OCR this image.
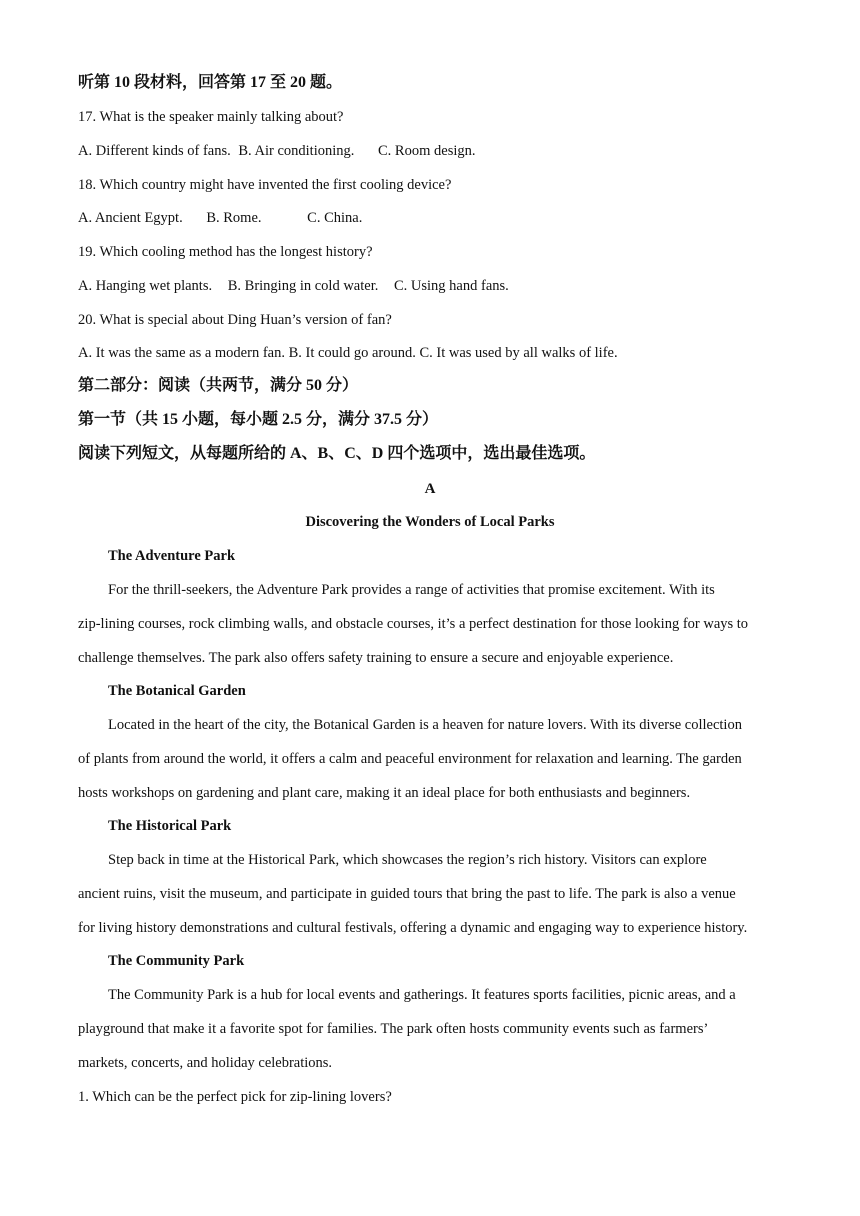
听第 10 段材料，回答第 17 至 20 题。
17. What is the speaker mainly talking about?
A. Different kinds of fans. B. Air conditioning. C. Room design.
18. Which country might have invented the first cooling device?
A. Ancient Egypt. B. Rome.	C. China.
19. Which cooling method has the longest history?
A. Hanging wet plants. B. Bringing in cold water. C. Using hand fans.
20. What is special about Ding Huan’s version of fan?
A. It was the same as a modern fan. B. It could go around. C. It was used by all walks of life.
第二部分：阅读（共两节，满分 50 分）
第一节（共 15 小题，每小题 2.5 分，满分 37.5 分）
阅读下列短文，从每题所给的 A、B、C、D 四个选项中，选出最佳选项。
A
Discovering the Wonders of Local Parks
The Adventure Park
For the thrill-seekers, the Adventure Park provides a range of activities that promise excitement. With its
zip-lining courses, rock climbing walls, and obstacle courses, it’s a perfect destination for those looking for ways to
challenge themselves. The park also offers safety training to ensure a secure and enjoyable experience.
The Botanical Garden
Located in the heart of the city, the Botanical Garden is a heaven for nature lovers. With its diverse collection
of plants from around the world, it offers a calm and peaceful environment for relaxation and learning. The garden
hosts workshops on gardening and plant care, making it an ideal place for both enthusiasts and beginners.
The Historical Park
Step back in time at the Historical Park, which showcases the region’s rich history. Visitors can explore
ancient ruins, visit the museum, and participate in guided tours that bring the past to life. The park is also a venue
for living history demonstrations and cultural festivals, offering a dynamic and engaging way to experience history.
The Community Park
The Community Park is a hub for local events and gatherings. It features sports facilities, picnic areas, and a
playground that make it a favorite spot for families. The park often hosts community events such as farmers’
markets, concerts, and holiday celebrations.
1. Which can be the perfect pick for zip-lining lovers?
